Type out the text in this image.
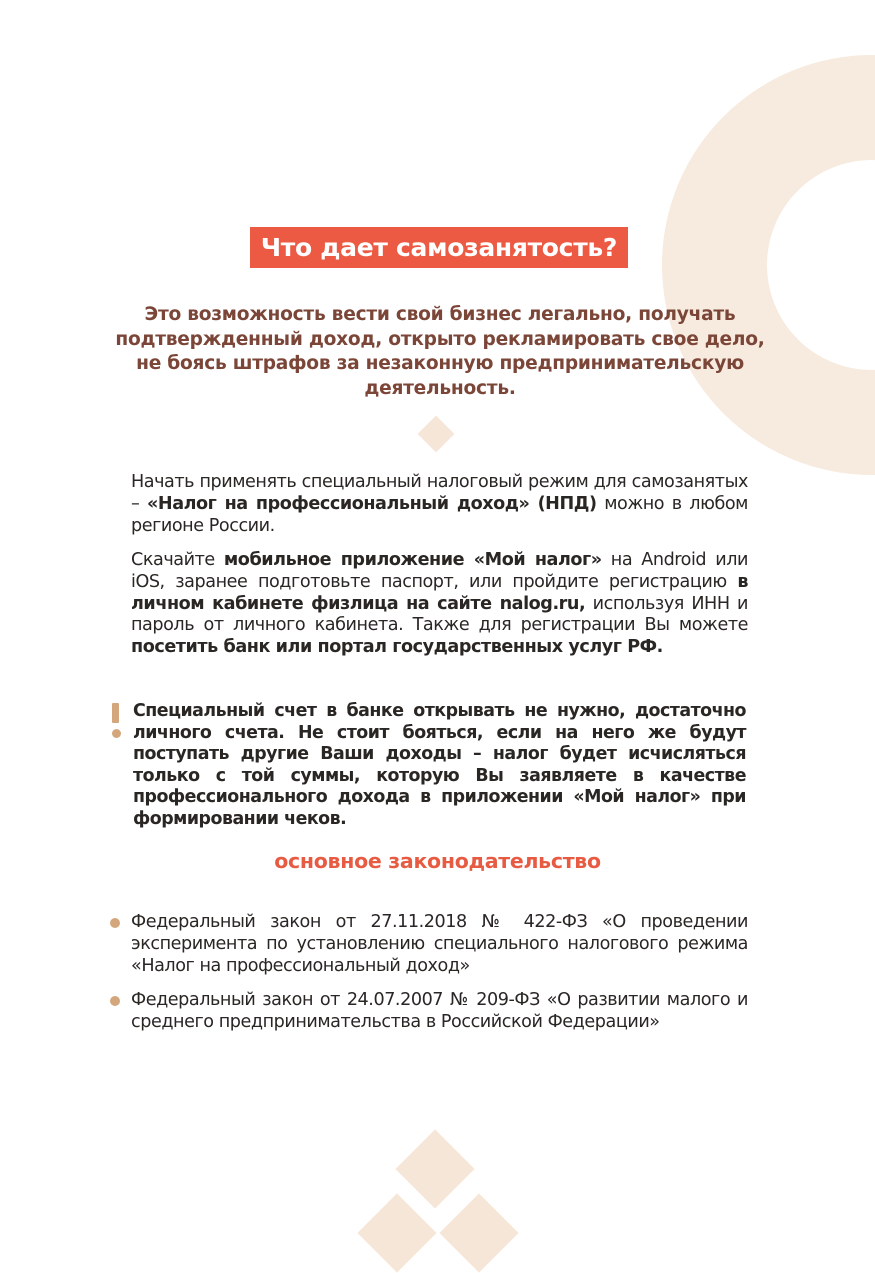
Что дает самозанятость?

Это возможность вести свой бизнес легально, получать подтвержденный доход, открыто рекламировать свое дело, не боясь штрафов за незаконную предпринимательскую деятельность.

Начать применять специальный налоговый режим для самозанятых – «Налог на профессиональный доход» (НПД) можно в любом регионе России.

Скачайте мобильное приложение «Мой налог» на Android или iOS, заранее подготовьте паспорт, или пройдите регистрацию в личном кабинете физлица на сайте nalog.ru, используя ИНН и пароль от личного кабинета. Также для регистрации Вы можете посетить банк или портал государственных услуг РФ.

Специальный счет в банке открывать не нужно, достаточно личного счета. Не стоит бояться, если на него же будут поступать другие Ваши доходы – налог будет исчисляться только с той суммы, которую Вы заявляете в качестве профессионального дохода в приложении «Мой налог» при формировании чеков.

основное законодательство
Федеральный закон от 27.11.2018 № 422-ФЗ «О проведении эксперимента по установлению специального налогового режима «Налог на профессиональный доход»
Федеральный закон от 24.07.2007 № 209-ФЗ «О развитии малого и среднего предпринимательства в Российской Федерации»
